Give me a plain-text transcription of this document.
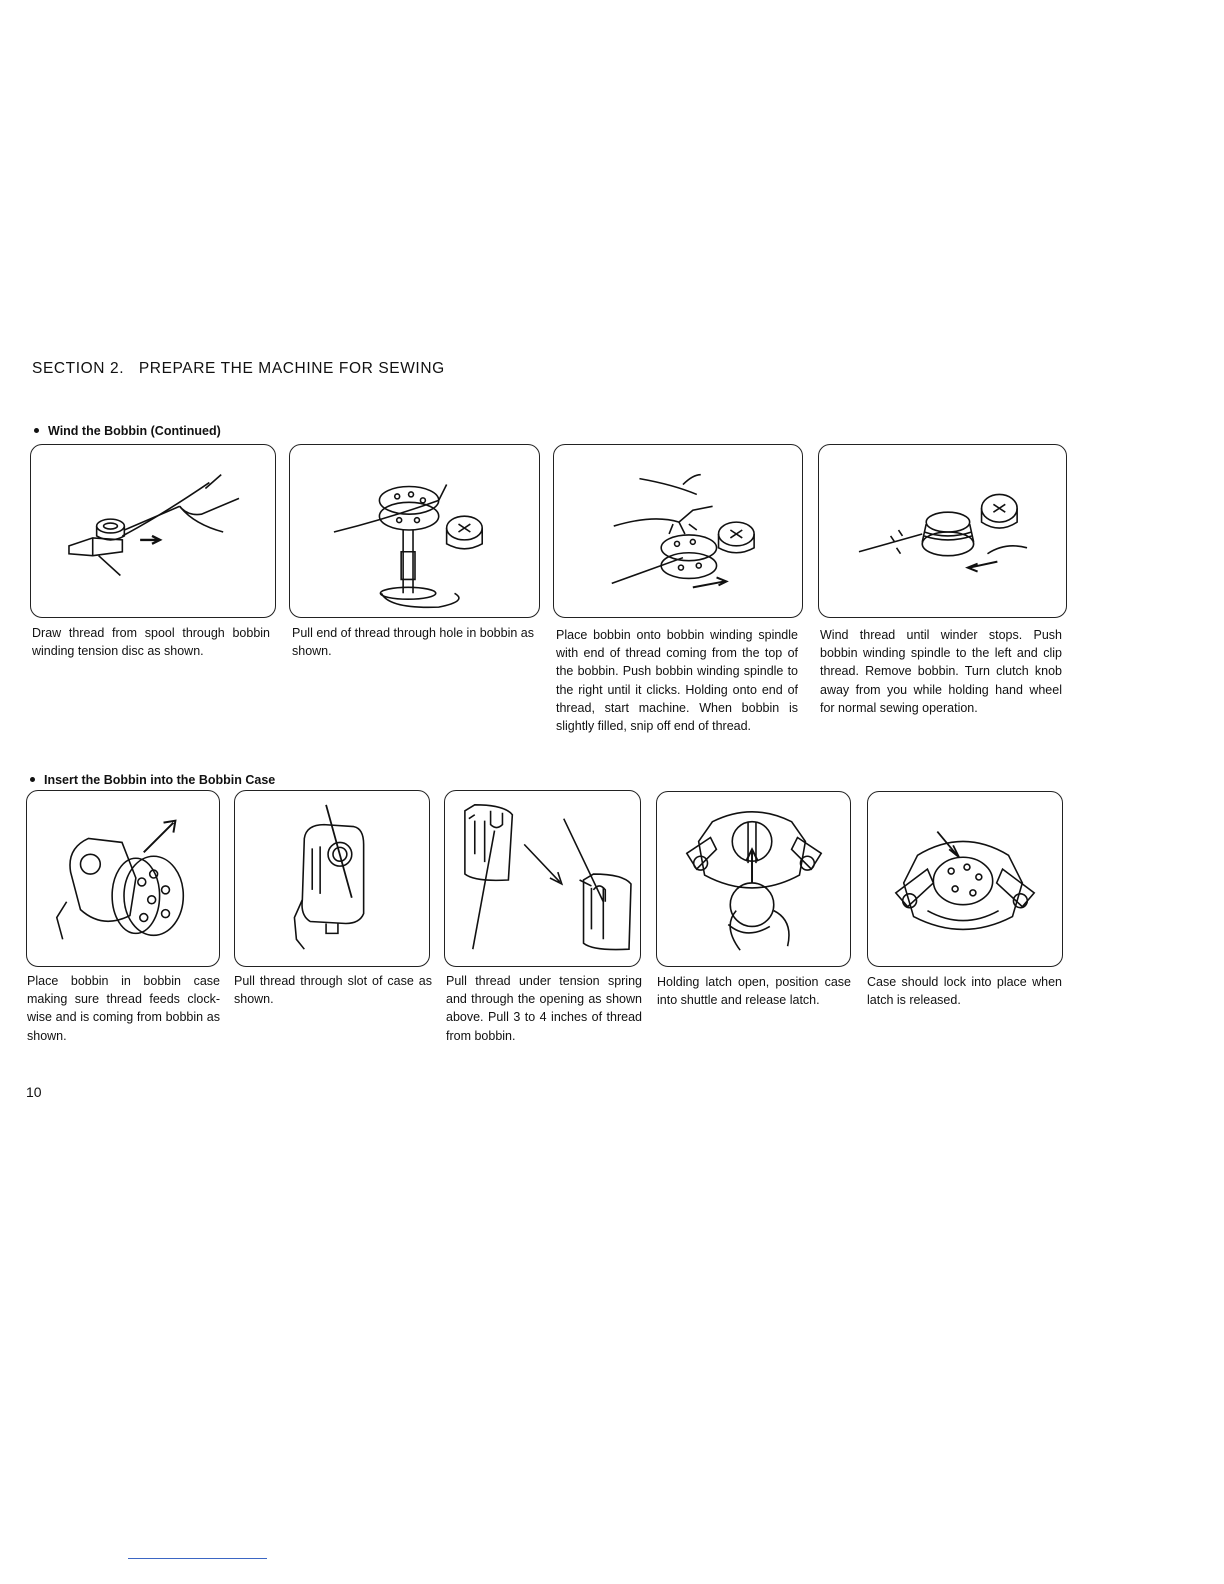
SECTION 2.   PREPARE THE MACHINE FOR SEWING
Wind the Bobbin (Continued)
Draw thread from spool through bobbin winding tension disc as shown.
Pull end of thread through hole in bobbin as shown.
Place bobbin onto bobbin winding spindle with end of thread coming from the top of the bobbin. Push bobbin winding spindle to the right until it clicks. Holding onto end of thread, start machine. When bobbin is slightly filled, snip off end of thread.
Wind thread until winder stops. Push bobbin winding spindle to the left and clip thread. Remove bobbin. Turn clutch knob away from you while holding hand wheel for normal sewing operation.
Insert the Bobbin into the Bobbin Case
Place bobbin in bobbin case making sure thread feeds clock-wise and is coming from bobbin as shown.
Pull thread through slot of case as shown.
Pull thread under tension spring and through the opening as shown above. Pull 3 to 4 inches of thread from bobbin.
Holding latch open, position case into shuttle and release latch.
Case should lock into place when latch is released.
10
